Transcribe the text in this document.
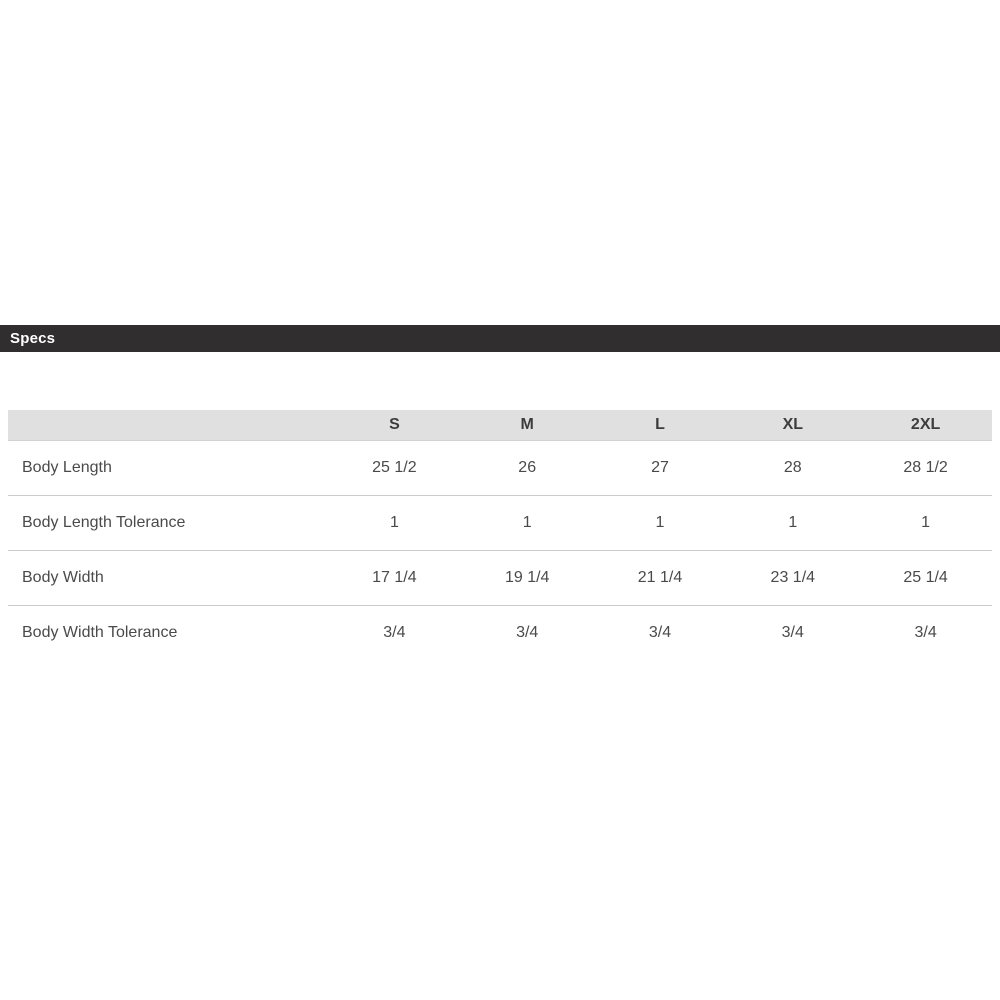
Specs
	S	M	L	XL	2XL
Body Length	25 1/2	26	27	28	28 1/2
Body Length Tolerance	1	1	1	1	1
Body Width	17 1/4	19 1/4	21 1/4	23 1/4	25 1/4
Body Width Tolerance	3/4	3/4	3/4	3/4	3/4
